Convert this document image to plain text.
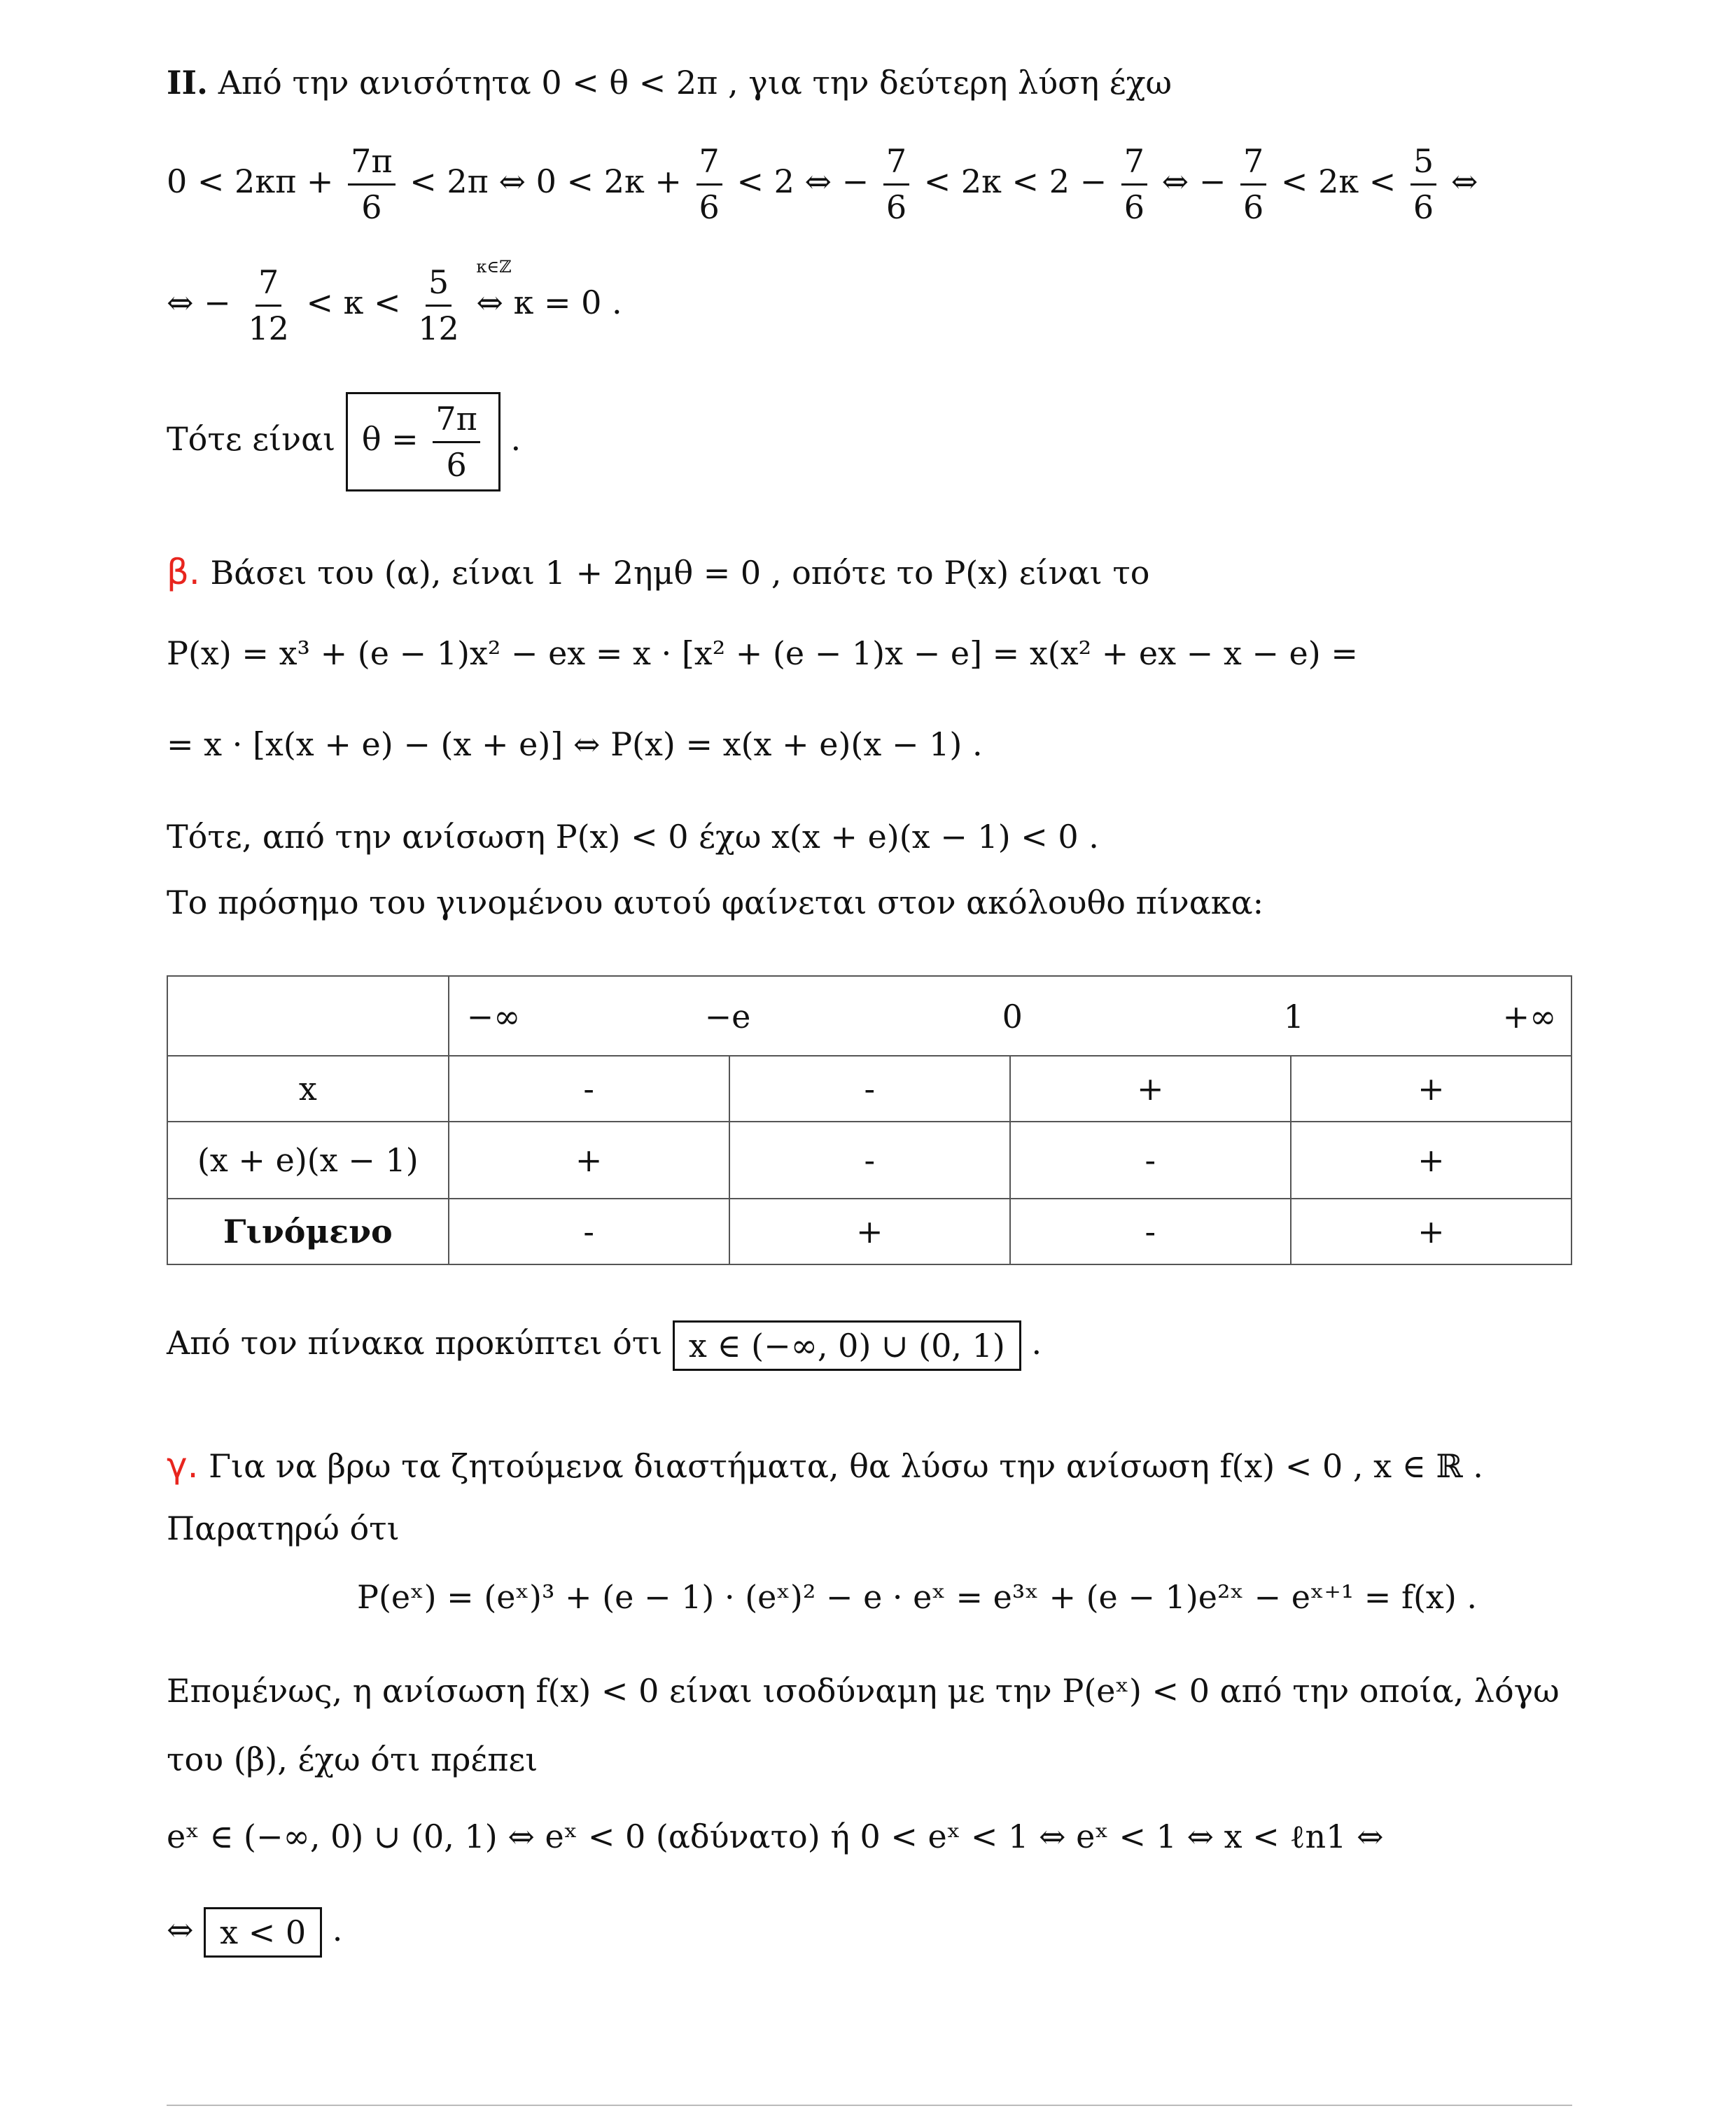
II. Από την ανισότητα 0 < θ < 2π , για την δεύτερη λύση έχω
$0 < 2\kappa\pi + \frac{7\pi}{6} < 2\pi$ ⇔ $0 < 2\kappa + \frac{7}{6} < 2$ ⇔ − $\frac{7}{6} < 2\kappa < 2 - \frac{7}{6}$ ⇔ − $\frac{7}{6} < 2\kappa < \frac{5}{6}$ ⇔
⇔ − $\frac{7}{12} < \kappa < \frac{5}{12}$
κ∈ℤ
⇔ κ = 0 .
Τότε είναι $\theta = \frac{7\pi}{6}$ .
β. Βάσει του (α), είναι 1 + 2ημθ = 0 , οπότε το P(x) είναι το
P(x) = x³ + (e − 1)x² − ex = x · [x² + (e − 1)x − e] = x(x² + ex − x − e) =
= x · [x(x + e) − (x + e)] ⇔ P(x) = x(x + e)(x − 1) .
Τότε, από την ανίσωση P(x) < 0 έχω x(x + e)(x − 1) < 0 .
Το πρόσημο του γινομένου αυτού φαίνεται στον ακόλουθο πίνακα:

	−∞ −e 0 1 +∞			

x	-	-	+	+
(x + e)(x − 1)	+	-	-	+
Γινόμενο	-	+	-	+
Από τον πίνακα προκύπτει ότι x ∈ (−∞, 0) ∪ (0, 1) .
γ. Για να βρω τα ζητούμενα διαστήματα, θα λύσω την ανίσωση f(x) < 0 , x ∈ ℝ .
Παρατηρώ ότι
P(eˣ) = (eˣ)³ + (e − 1) · (eˣ)² − e · eˣ = e³ˣ + (e − 1)e²ˣ − eˣ⁺¹ = f(x) .
Επομένως, η ανίσωση f(x) < 0 είναι ισοδύναμη με την P(eˣ) < 0 από την οποία, λόγω
του (β), έχω ότι πρέπει
eˣ ∈ (−∞, 0) ∪ (0, 1) ⇔ eˣ < 0 (αδύνατο) ή 0 < eˣ < 1 ⇔ eˣ < 1 ⇔ x < ℓn1 ⇔
⇔ x < 0 .
